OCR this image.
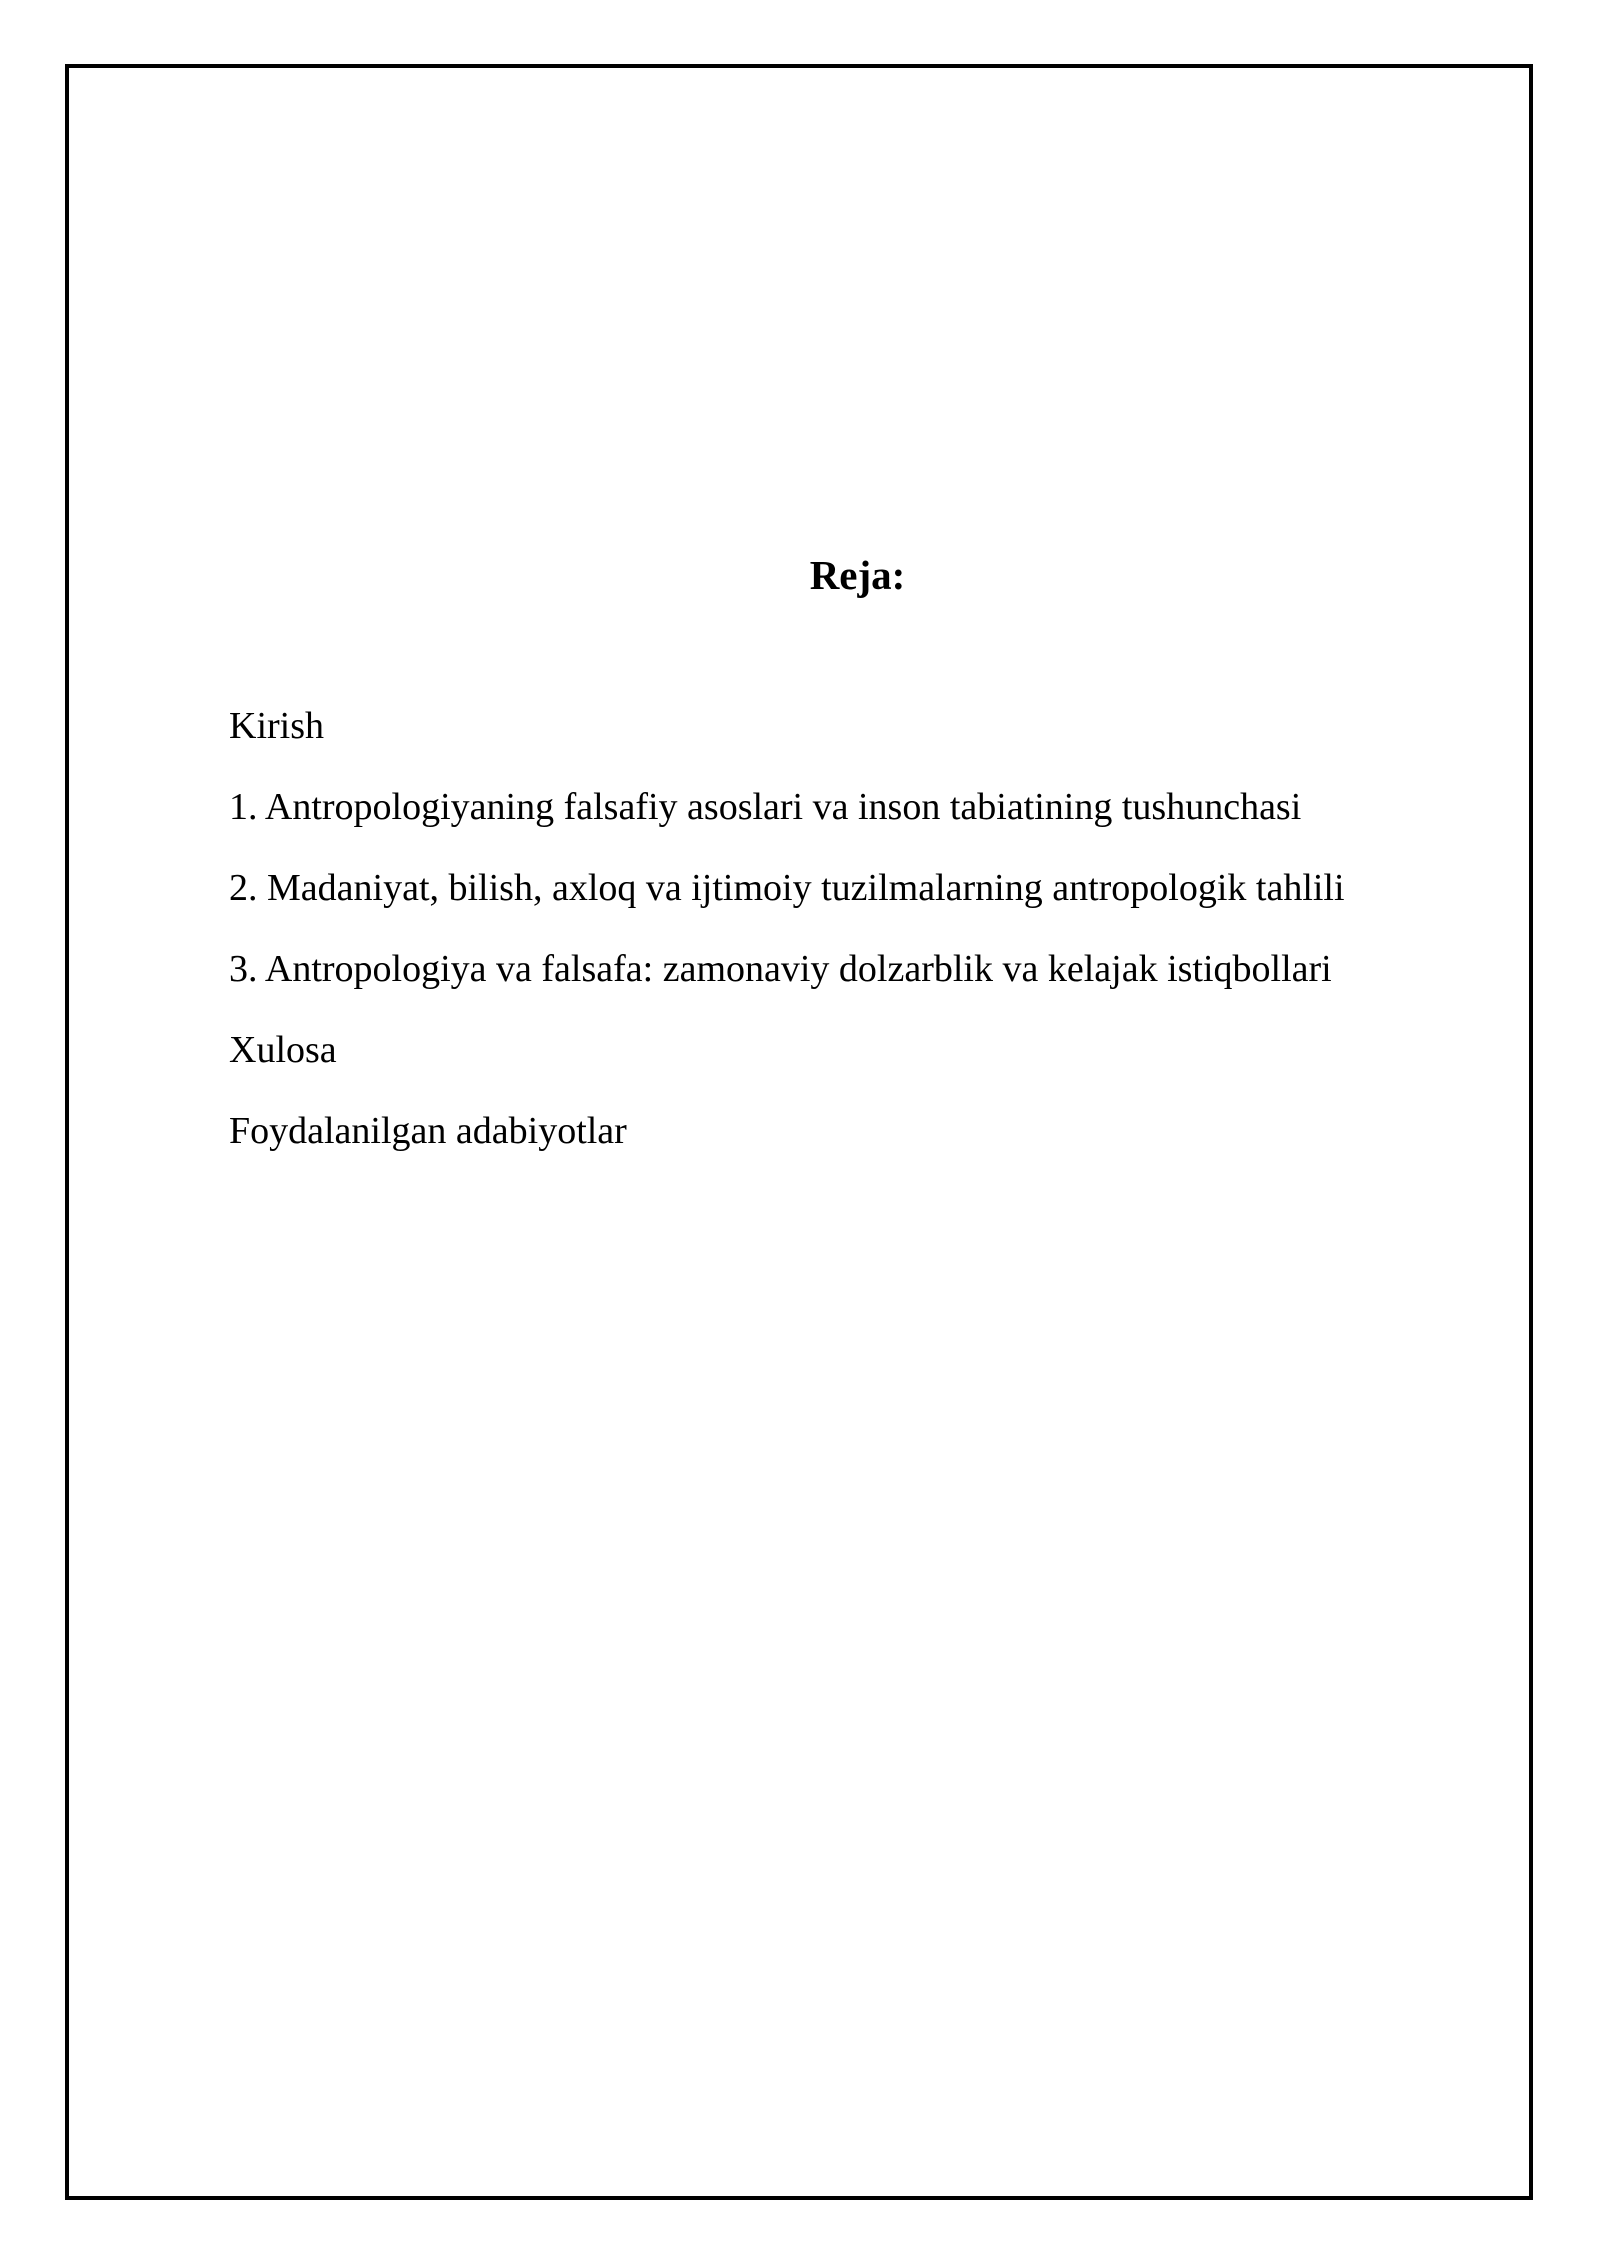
Reja:
Kirish
1. Antropologiyaning falsafiy asoslari va inson tabiatining tushunchasi
2. Madaniyat, bilish, axloq va ijtimoiy tuzilmalarning antropologik tahlili
3. Antropologiya va falsafa: zamonaviy dolzarblik va kelajak istiqbollari
Xulosa
Foydalanilgan adabiyotlar
